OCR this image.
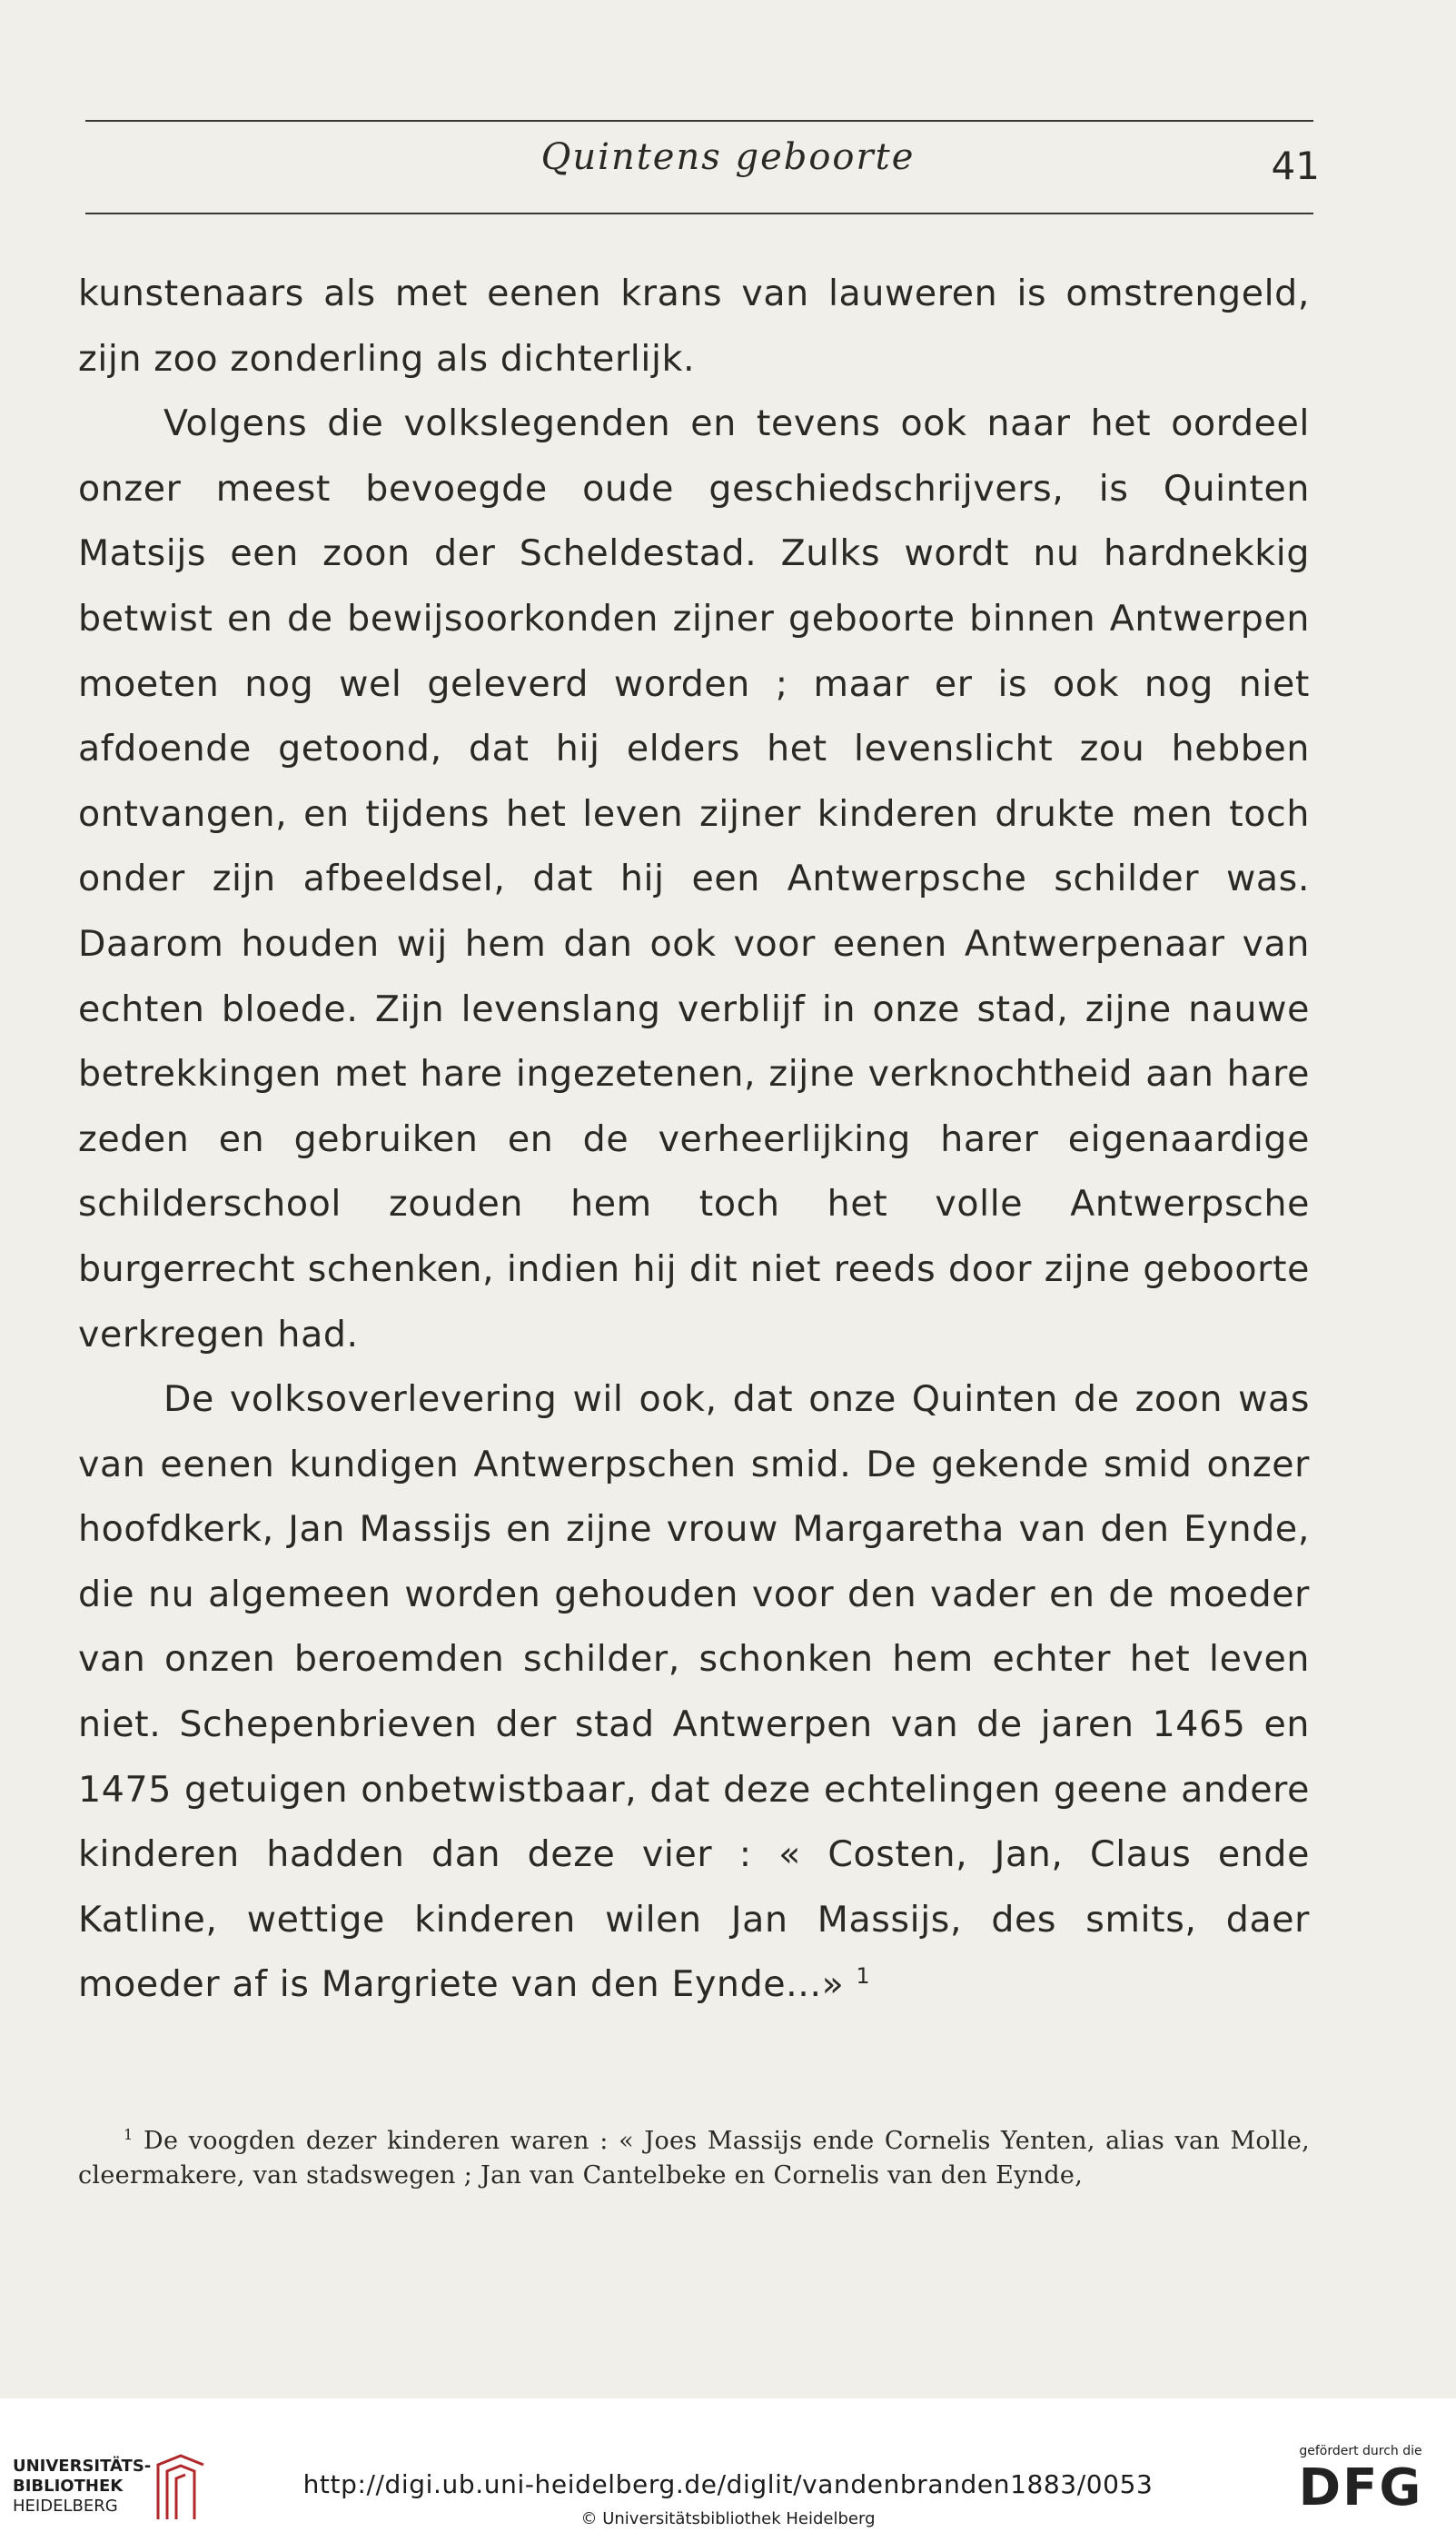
Quintens geboorte	41

kunstenaars als met eenen krans van lauweren is omstrengeld, zijn zoo zonderling als dichterlijk.

Volgens die volkslegenden en tevens ook naar het oordeel onzer meest bevoegde oude geschiedschrijvers, is Quinten Matsijs een zoon der Scheldestad. Zulks wordt nu hardnekkig betwist en de bewijsoorkonden zijner geboorte binnen Antwerpen moeten nog wel geleverd worden ; maar er is ook nog niet afdoende getoond, dat hij elders het levenslicht zou hebben ontvangen, en tijdens het leven zijner kinderen drukte men toch onder zijn afbeeldsel, dat hij een Antwerpsche schilder was. Daarom houden wij hem dan ook voor eenen Antwerpenaar van echten bloede. Zijn levenslang verblijf in onze stad, zijne nauwe betrekkingen met hare ingezetenen, zijne verknochtheid aan hare zeden en gebruiken en de verheerlijking harer eigenaardige schilderschool zouden hem toch het volle Antwerpsche burgerrecht schenken, indien hij dit niet reeds door zijne geboorte verkregen had.

De volksoverlevering wil ook, dat onze Quinten de zoon was van eenen kundigen Antwerpschen smid. De gekende smid onzer hoofdkerk, Jan Massijs en zijne vrouw Margaretha van den Eynde, die nu algemeen worden gehouden voor den vader en de moeder van onzen beroemden schilder, schonken hem echter het leven niet. Schepenbrieven der stad Antwerpen van de jaren 1465 en 1475 getuigen onbetwistbaar, dat deze echtelingen geene andere kinderen hadden dan deze vier : « Costen, Jan, Claus ende Katline, wettige kinderen wilen Jan Massijs, des smits, daer moeder af is Margriete van den Eynde...» $^1$

$^1$ De voogden dezer kinderen waren : « Joes Massijs ende Cornelis Yenten, alias van Molle, cleermakere, van stadswegen ; Jan van Cantelbeke en Cornelis van den Eynde,
UNIVERSITÄTS-
BIBLIOTHEK
HEIDELBERG
http://digi.ub.uni-heidelberg.de/diglit/vandenbranden1883/0053
© Universitätsbibliothek Heidelberg
gefördert durch die
DFG
